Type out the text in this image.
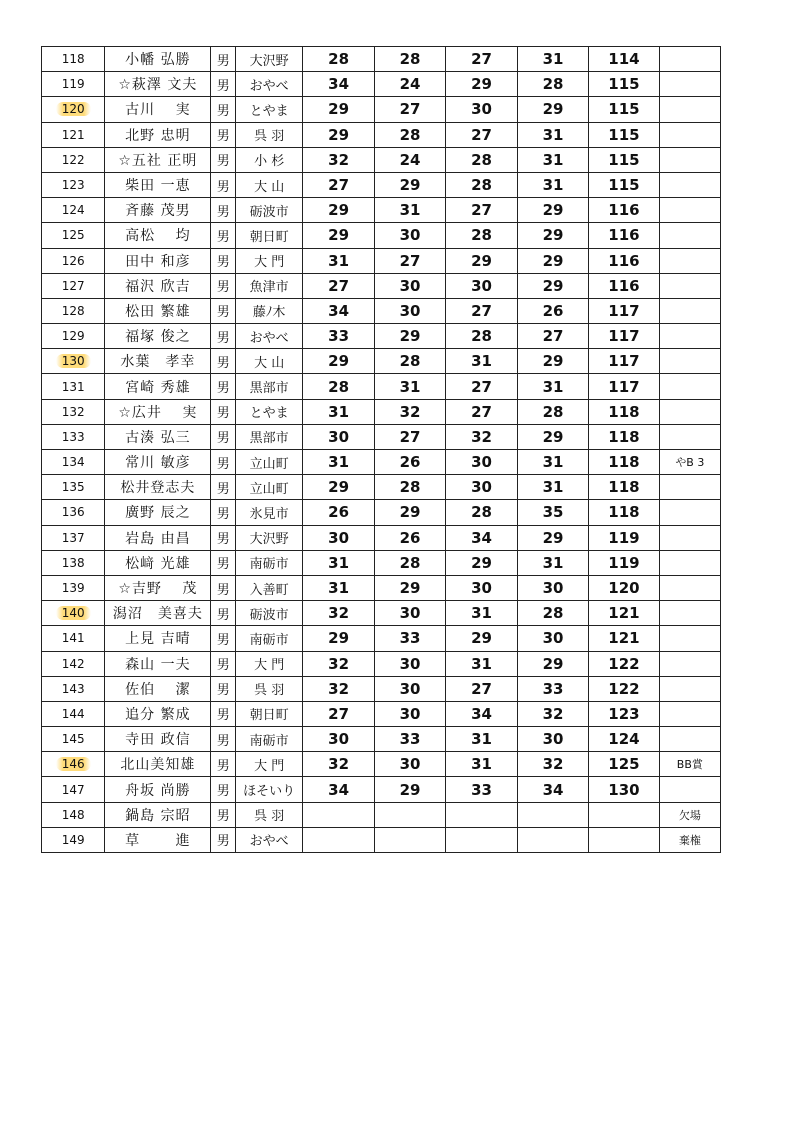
118	小幡 弘勝	男	大沢野	28	28	27	31	114	
119	☆萩澤 文夫	男	おやべ	34	24	29	28	115	
120	古川　 実	男	とやま	29	27	30	29	115	
121	北野 忠明	男	呉 羽	29	28	27	31	115	
122	☆五社 正明	男	小 杉	32	24	28	31	115	
123	柴田 一恵	男	大 山	27	29	28	31	115	
124	斉藤 茂男	男	砺波市	29	31	27	29	116	
125	高松　 均	男	朝日町	29	30	28	29	116	
126	田中 和彦	男	大 門	31	27	29	29	116	
127	福沢 欣吉	男	魚津市	27	30	30	29	116	
128	松田 繁雄	男	藤ﾉ木	34	30	27	26	117	
129	福塚 俊之	男	おやべ	33	29	28	27	117	
130	水葉　孝幸	男	大 山	29	28	31	29	117	
131	宮崎 秀雄	男	黒部市	28	31	27	31	117	
132	☆広井　 実	男	とやま	31	32	27	28	118	
133	古湊 弘三	男	黒部市	30	27	32	29	118	
134	常川 敏彦	男	立山町	31	26	30	31	118	やB 3
135	松井登志夫	男	立山町	29	28	30	31	118	
136	廣野 辰之	男	氷見市	26	29	28	35	118	
137	岩島 由昌	男	大沢野	30	26	34	29	119	
138	松﨑 光雄	男	南砺市	31	28	29	31	119	
139	☆吉野　 茂	男	入善町	31	29	30	30	120	
140	潟沼　美喜夫	男	砺波市	32	30	31	28	121	
141	上見 吉晴	男	南砺市	29	33	29	30	121	
142	森山 一夫	男	大 門	32	30	31	29	122	
143	佐伯　 潔	男	呉 羽	32	30	27	33	122	
144	追分 繁成	男	朝日町	27	30	34	32	123	
145	寺田 政信	男	南砺市	30	33	31	30	124	
146	北山美知雄	男	大 門	32	30	31	32	125	BB賞
147	舟坂 尚勝	男	ほそいり	34	29	33	34	130	
148	鍋島 宗昭	男	呉 羽						欠場
149	草　　 進	男	おやべ						棄権
